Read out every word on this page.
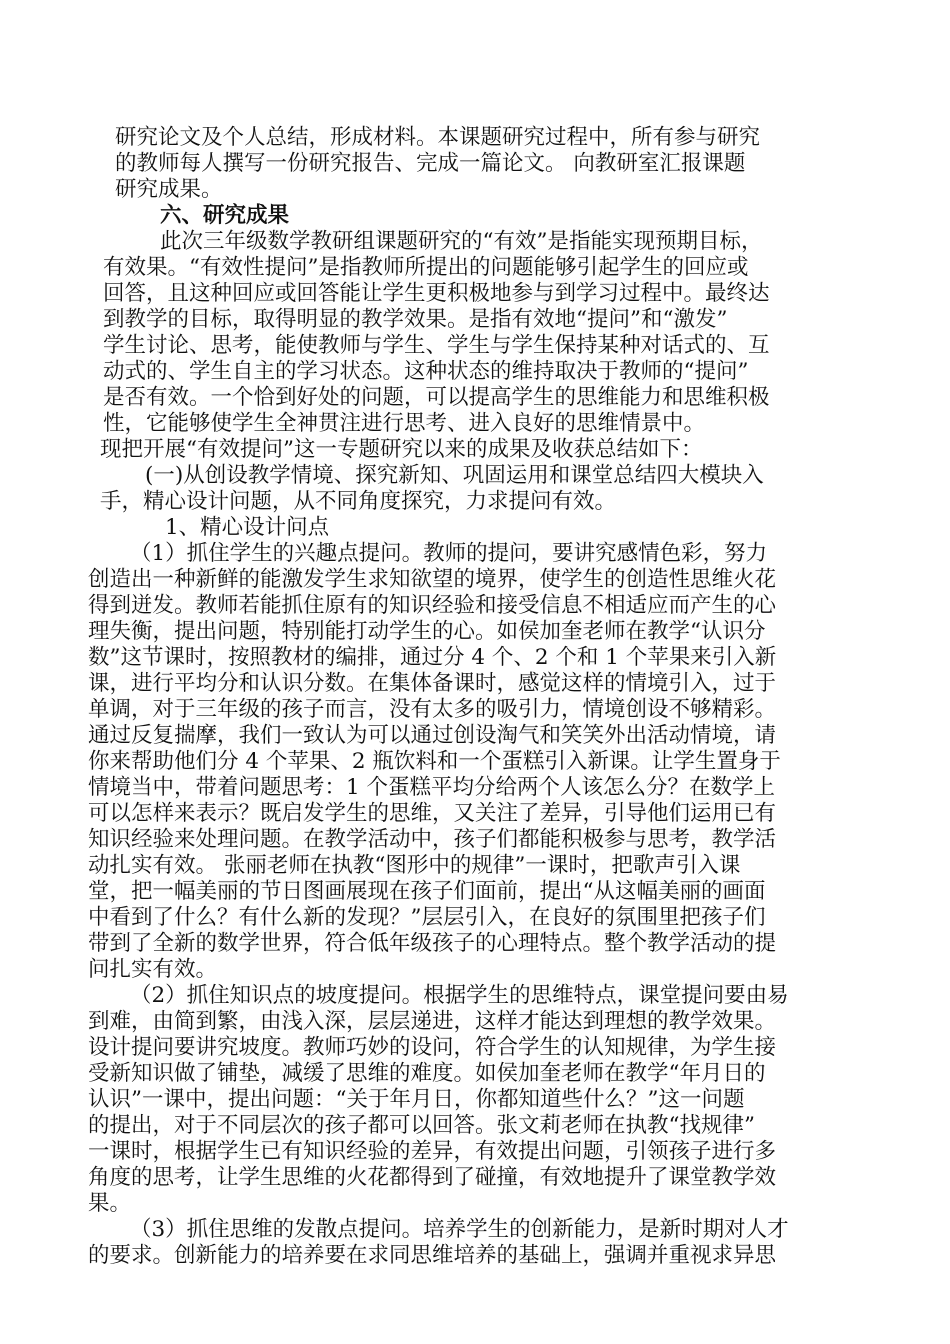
研究论文及个人总结，形成材料。本课题研究过程中，所有参与研究
的教师每人撰写一份研究报告、完成一篇论文。 向教研室汇报课题
研究成果。
六、研究成果
此次三年级数学教研组课题研究的“有效”是指能实现预期目标，
有效果。“有效性提问”是指教师所提出的问题能够引起学生的回应或
回答，且这种回应或回答能让学生更积极地参与到学习过程中。最终达
到教学的目标，取得明显的教学效果。是指有效地“提问”和“激发”
学生讨论、思考，能使教师与学生、学生与学生保持某种对话式的、互
动式的、学生自主的学习状态。这种状态的维持取决于教师的“提问”
是否有效。一个恰到好处的问题，可以提高学生的思维能力和思维积极
性，它能够使学生全神贯注进行思考、进入良好的思维情景中。
现把开展“有效提问”这一专题研究以来的成果及收获总结如下：
(一)从创设教学情境、探究新知、巩固运用和课堂总结四大模块入
手，精心设计问题，从不同角度探究，力求提问有效。
1、精心设计问点
（1）抓住学生的兴趣点提问。教师的提问，要讲究感情色彩，努力
创造出一种新鲜的能激发学生求知欲望的境界，使学生的创造性思维火花
得到迸发。教师若能抓住原有的知识经验和接受信息不相适应而产生的心
理失衡，提出问题，特别能打动学生的心。如侯加奎老师在教学“认识分
数”这节课时，按照教材的编排，通过分 4 个、2 个和 1 个苹果来引入新
课，进行平均分和认识分数。在集体备课时，感觉这样的情境引入，过于
单调，对于三年级的孩子而言，没有太多的吸引力，情境创设不够精彩。
通过反复揣摩，我们一致认为可以通过创设淘气和笑笑外出活动情境，请
你来帮助他们分 4 个苹果、2 瓶饮料和一个蛋糕引入新课。让学生置身于
情境当中，带着问题思考：1 个蛋糕平均分给两个人该怎么分？在数学上
可以怎样来表示？既启发学生的思维，又关注了差异，引导他们运用已有
知识经验来处理问题。在教学活动中，孩子们都能积极参与思考，教学活
动扎实有效。 张丽老师在执教“图形中的规律”一课时，把歌声引入课
堂，把一幅美丽的节日图画展现在孩子们面前，提出“从这幅美丽的画面
中看到了什么？有什么新的发现？”层层引入，在良好的氛围里把孩子们
带到了全新的数学世界，符合低年级孩子的心理特点。整个教学活动的提
问扎实有效。
（2）抓住知识点的坡度提问。根据学生的思维特点，课堂提问要由易
到难，由简到繁，由浅入深，层层递进，这样才能达到理想的教学效果。
设计提问要讲究坡度。教师巧妙的设问，符合学生的认知规律，为学生接
受新知识做了铺垫，减缓了思维的难度。如侯加奎老师在教学“年月日的
认识”一课中，提出问题：“关于年月日，你都知道些什么？”这一问题
的提出，对于不同层次的孩子都可以回答。张文莉老师在执教“找规律”
一课时，根据学生已有知识经验的差异，有效提出问题，引领孩子进行多
角度的思考，让学生思维的火花都得到了碰撞，有效地提升了课堂教学效
果。
（3）抓住思维的发散点提问。培养学生的创新能力，是新时期对人才
的要求。创新能力的培养要在求同思维培养的基础上，强调并重视求异思
